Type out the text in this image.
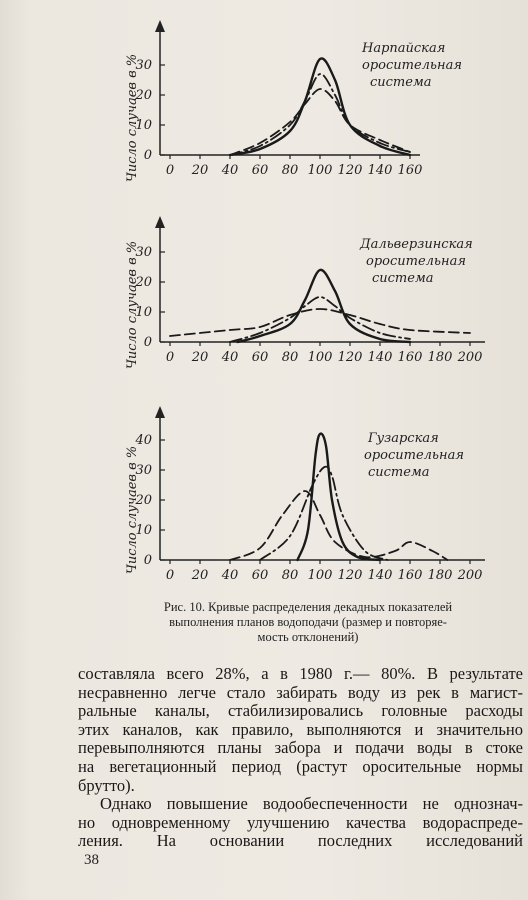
0
10
20
30
0 20 40 60 80 100 120 140 160
Число случаев в %
Нарпайская
оросительная
система
0
10
20
30
0 20 40 60 80 100 120 140 160 180 200
Число случаев в %	Дальверзинская
оросительная
система
0
10
20
30
40
0 20 40 60 80 100 120 140 160 180 200
Число случаев в %
Гузарская
оросительная
система
Рис. 10. Кривые распределения декадных показателей
выполнения планов водоподачи (размер и повторяе-
мость отклонений)

составляла всего 28%, а в 1980 г.— 80%. В результате

несравненно легче стало забирать воду из рек в магист-

ральные каналы, стабилизировались головные расходы

этих каналов, как правило, выполняются и значительно

перевыполняются планы забора и подачи воды в стоке

на вегетационный период (растут оросительные нормы

брутто).

Однако повышение водообеспеченности не однознач-

но одновременному улучшению качества водораспреде-

ления. На основании последних исследований

38
